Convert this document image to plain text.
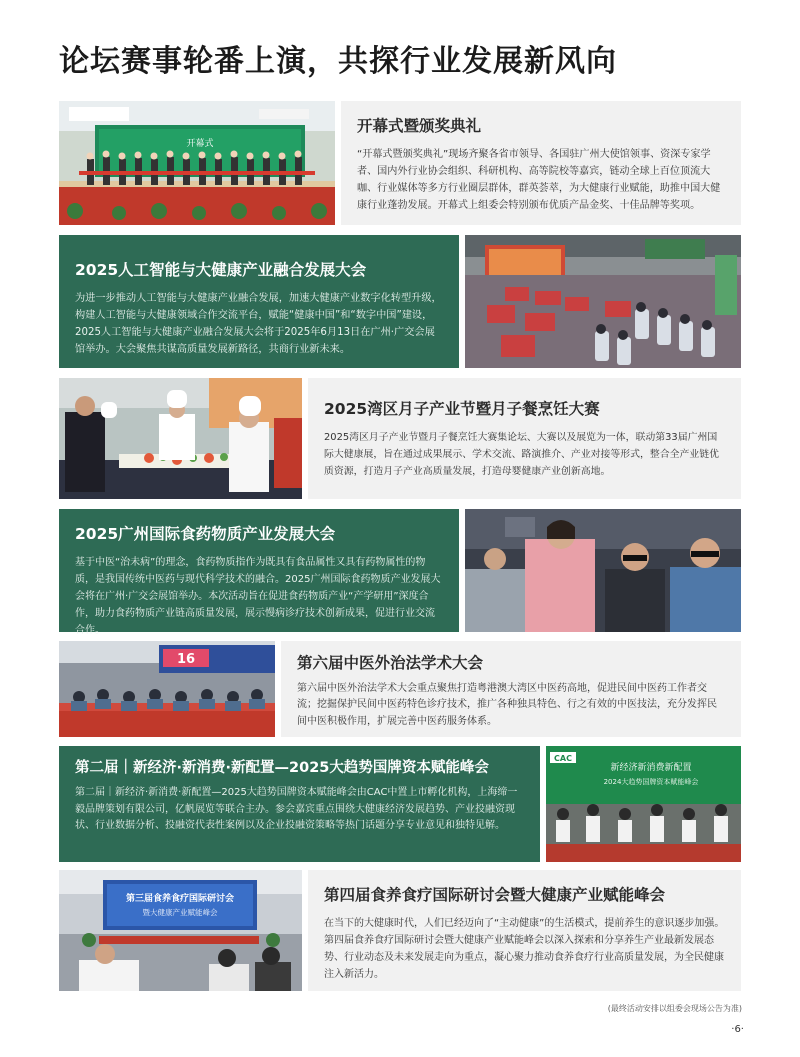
论坛赛事轮番上演，共探行业发展新风向
开幕式
开幕式暨颁奖典礼

“开幕式暨颁奖典礼”现场齐聚各省市领导、各国驻广州大使馆领事、资深专家学者、国内外行业协会组织、科研机构、高等院校等嘉宾，链动全球上百位顶流大咖、行业媒体等多方行业圈层群体，群英荟萃，为大健康行业赋能，助推中国大健康行业蓬勃发展。开幕式上组委会特别颁布优质产品金奖、十佳品牌等奖项。

2025人工智能与大健康产业融合发展大会

为进一步推动人工智能与大健康产业融合发展，加速大健康产业数字化转型升级，构建人工智能与大健康领域合作交流平台，赋能“健康中国”和“数字中国”建设，2025人工智能与大健康产业融合发展大会将于2025年6月13日在广州·广交会展馆举办。大会聚焦共谋高质量发展新路径，共商行业新未来。

2025湾区月子产业节暨月子餐烹饪大赛

2025湾区月子产业节暨月子餐烹饪大赛集论坛、大赛以及展览为一体，联动第33届广州国际大健康展，旨在通过成果展示、学术交流、路演推介、产业对接等形式，整合全产业链优质资源，打造月子产业高质量发展，打造母婴健康产业创新高地。

2025广州国际食药物质产业发展大会

基于中医“治未病”的理念，食药物质指作为既具有食品属性又具有药物属性的物质，是我国传统中医药与现代科学技术的融合。2025广州国际食药物质产业发展大会将在广州·广交会展馆举办。本次活动旨在促进食药物质产业“产学研用”深度合作，助力食药物质产业链高质量发展，展示慢病诊疗技术创新成果，促进行业交流合作。

16	第六届中医外治法学术大会

第六届中医外治法学术大会重点聚焦打造粤港澳大湾区中医药高地，促进民间中医药工作者交流；挖掘保护民间中医药特色诊疗技术，推广各种独具特色、行之有效的中医技法，充分发挥民间中医积极作用，扩展完善中医药服务体系。

第二届｜新经济·新消费·新配置—2025大趋势国牌资本赋能峰会

第二届｜新经济·新消费·新配置—2025大趋势国牌资本赋能峰会由CAC中置上市孵化机构，上海缔一毅品牌策划有限公司，亿帆展览等联合主办。参会嘉宾重点围绕大健康经济发展趋势、产业投融资现状、行业数据分析、投融资代表性案例以及企业投融资策略等热门话题分享专业意见和独特见解。

CAC
新经济新消费新配置
2024大趋势国牌资本赋能峰会
第三届食养食疗国际研讨会
暨大健康产业赋能峰会
第四届食养食疗国际研讨会暨大健康产业赋能峰会

在当下的大健康时代，人们已经迈向了“主动健康”的生活模式，提前养生的意识逐步加强。第四届食养食疗国际研讨会暨大健康产业赋能峰会以深入探索和分享养生产业最新发展态势、行业动态及未来发展走向为重点，凝心聚力推动食养食疗行业高质量发展，为全民健康注入新活力。

(最终活动安排以组委会现场公告为准)

·6·
